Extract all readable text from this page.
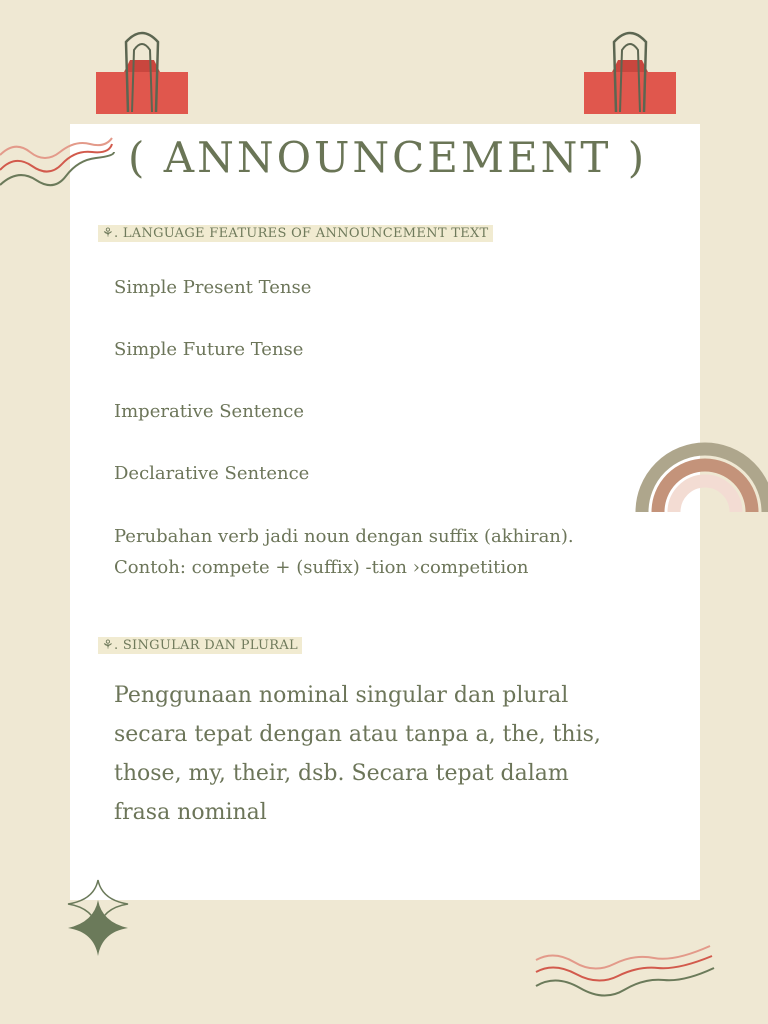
( ANNOUNCEMENT )
⚘. LANGUAGE FEATURES OF ANNOUNCEMENT TEXT
Simple Present Tense
Simple Future Tense
Imperative Sentence
Declarative Sentence
Perubahan verb jadi noun dengan suffix (akhiran).
Contoh: compete + (suffix) -tion ›competition
⚘. SINGULAR DAN PLURAL
Penggunaan nominal singular dan plural secara tepat dengan atau tanpa a, the, this, those, my, their, dsb. Secara tepat dalam frasa nominal
